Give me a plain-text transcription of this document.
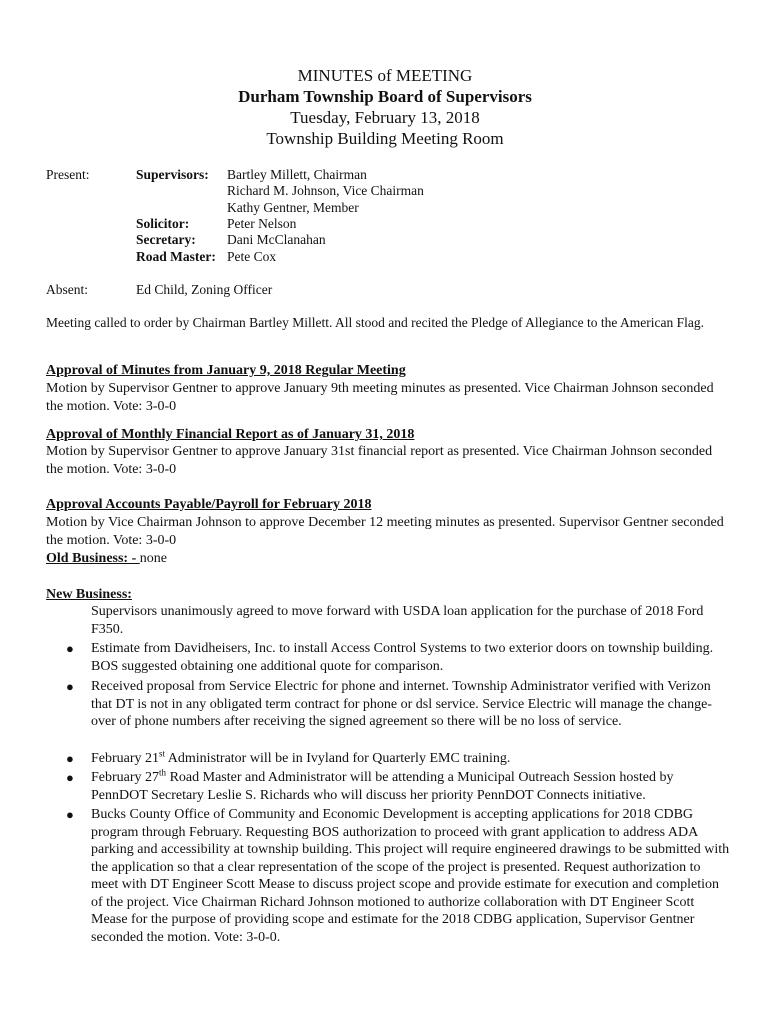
MINUTES of MEETING
Durham Township Board of Supervisors
Tuesday, February 13, 2018
Township Building Meeting Room
Present:	Supervisors: Bartley Millett, Chairman
Richard M. Johnson, Vice Chairman
Kathy Gentner, Member
Solicitor:	Peter Nelson
Secretary: Dani McClanahan
Road Master: Pete Cox
Absent:	Ed Child, Zoning Officer
Meeting called to order by Chairman Bartley Millett. All stood and recited the Pledge of Allegiance to the American Flag.
Approval of Minutes from January 9, 2018 Regular Meeting
Motion by Supervisor Gentner to approve January 9th meeting minutes as presented. Vice Chairman Johnson seconded the motion. Vote: 3-0-0
Approval of Monthly Financial Report as of January 31, 2018
Motion by Supervisor Gentner to approve January 31st financial report as presented. Vice Chairman Johnson seconded the motion. Vote: 3-0-0
Approval Accounts Payable/Payroll for February 2018
Motion by Vice Chairman Johnson to approve December 12 meeting minutes as presented. Supervisor Gentner seconded the motion. Vote: 3-0-0
Old Business: - none
New Business:
Supervisors unanimously agreed to move forward with USDA loan application for the purchase of 2018 Ford F350.
● Estimate from Davidheisers, Inc. to install Access Control Systems to two exterior doors on township building. BOS suggested obtaining one additional quote for comparison.
● Received proposal from Service Electric for phone and internet. Township Administrator verified with Verizon that DT is not in any obligated term contract for phone or dsl service. Service Electric will manage the change-over of phone numbers after receiving the signed agreement so there will be no loss of service.
● February 21st Administrator will be in Ivyland for Quarterly EMC training.
● February 27th Road Master and Administrator will be attending a Municipal Outreach Session hosted by PennDOT Secretary Leslie S. Richards who will discuss her priority PennDOT Connects initiative.
● Bucks County Office of Community and Economic Development is accepting applications for 2018 CDBG program through February. Requesting BOS authorization to proceed with grant application to address ADA parking and accessibility at township building. This project will require engineered drawings to be submitted with the application so that a clear representation of the scope of the project is presented. Request authorization to meet with DT Engineer Scott Mease to discuss project scope and provide estimate for execution and completion of the project. Vice Chairman Richard Johnson motioned to authorize collaboration with DT Engineer Scott Mease for the purpose of providing scope and estimate for the 2018 CDBG application, Supervisor Gentner seconded the motion. Vote: 3-0-0.
